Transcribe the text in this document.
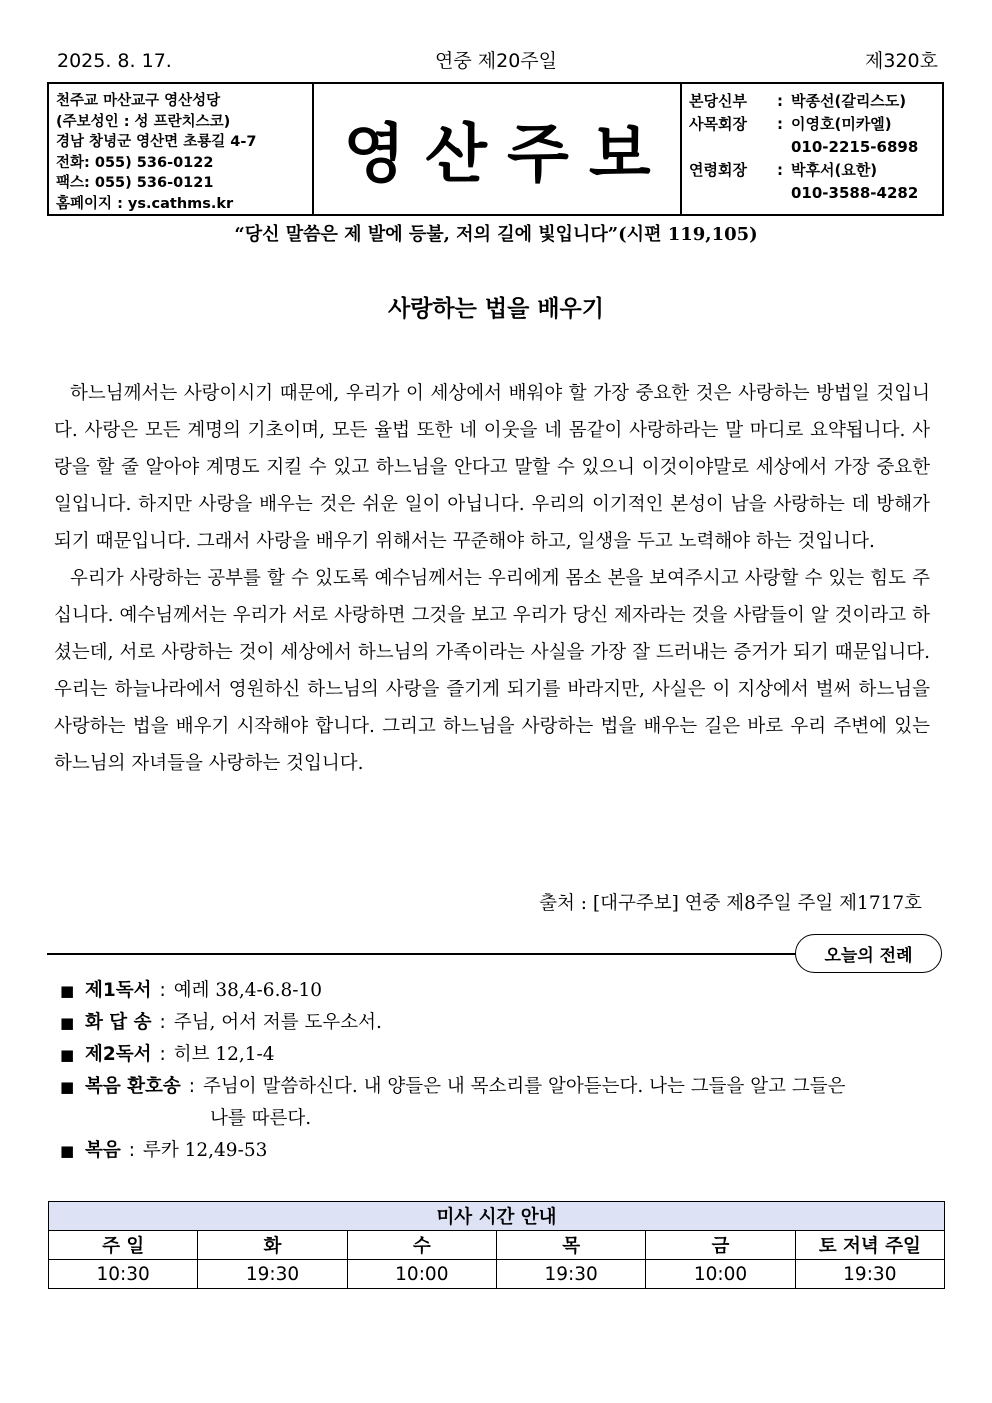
연중 제20주일
2025. 8. 17.	제320호
천주교 마산교구 영산성당
(주보성인 : 성 프란치스코)
경남 창녕군 영산면 초룡길 4-7
전화: 055) 536-0122
팩스: 055) 536-0121
홈페이지 : ys.cathms.kr
영산주보
본당신부	: 박종선(갈리스도)
사목회장	: 이영호(미카엘)
010-2215-6898
연령회장	: 박후서(요한)
010-3588-4282
“당신 말씀은 제 발에 등불, 저의 길에 빛입니다”(시편 119,105)
사랑하는 법을 배우기

하느님께서는 사랑이시기 때문에, 우리가 이 세상에서 배워야 할 가장 중요한 것은 사랑하는 방법일 것입니다. 사랑은 모든 계명의 기초이며, 모든 율법 또한 네 이웃을 네 몸같이 사랑하라는 말 마디로 요약됩니다. 사랑을 할 줄 알아야 계명도 지킬 수 있고 하느님을 안다고 말할 수 있으니 이것이야말로 세상에서 가장 중요한 일입니다. 하지만 사랑을 배우는 것은 쉬운 일이 아닙니다. 우리의 이기적인 본성이 남을 사랑하는 데 방해가 되기 때문입니다. 그래서 사랑을 배우기 위해서는 꾸준해야 하고, 일생을 두고 노력해야 하는 것입니다.

우리가 사랑하는 공부를 할 수 있도록 예수님께서는 우리에게 몸소 본을 보여주시고 사랑할 수 있는 힘도 주십니다. 예수님께서는 우리가 서로 사랑하면 그것을 보고 우리가 당신 제자라는 것을 사람들이 알 것이라고 하셨는데, 서로 사랑하는 것이 세상에서 하느님의 가족이라는 사실을 가장 잘 드러내는 증거가 되기 때문입니다. 우리는 하늘나라에서 영원하신 하느님의 사랑을 즐기게 되기를 바라지만, 사실은 이 지상에서 벌써 하느님을 사랑하는 법을 배우기 시작해야 합니다. 그리고 하느님을 사랑하는 법을 배우는 길은 바로 우리 주변에 있는 하느님의 자녀들을 사랑하는 것입니다.

출처 : [대구주보] 연중 제8주일 주일 제1717호
오늘의 전례
■ 제1독서 : 예레 38,4-6.8-10
■ 화 답 송 : 주님, 어서 저를 도우소서.
■ 제2독서 : 히브 12,1-4
■ 복음 환호송 : 주님이 말씀하신다. 내 양들은 내 목소리를 알아듣는다. 나는 그들을 알고 그들은
나를 따른다.
■ 복음 : 루카 12,49-53
미사 시간 안내					
주 일	화	수	목	금	토 저녁 주일
10:30	19:30	10:00	19:30	10:00	19:30
